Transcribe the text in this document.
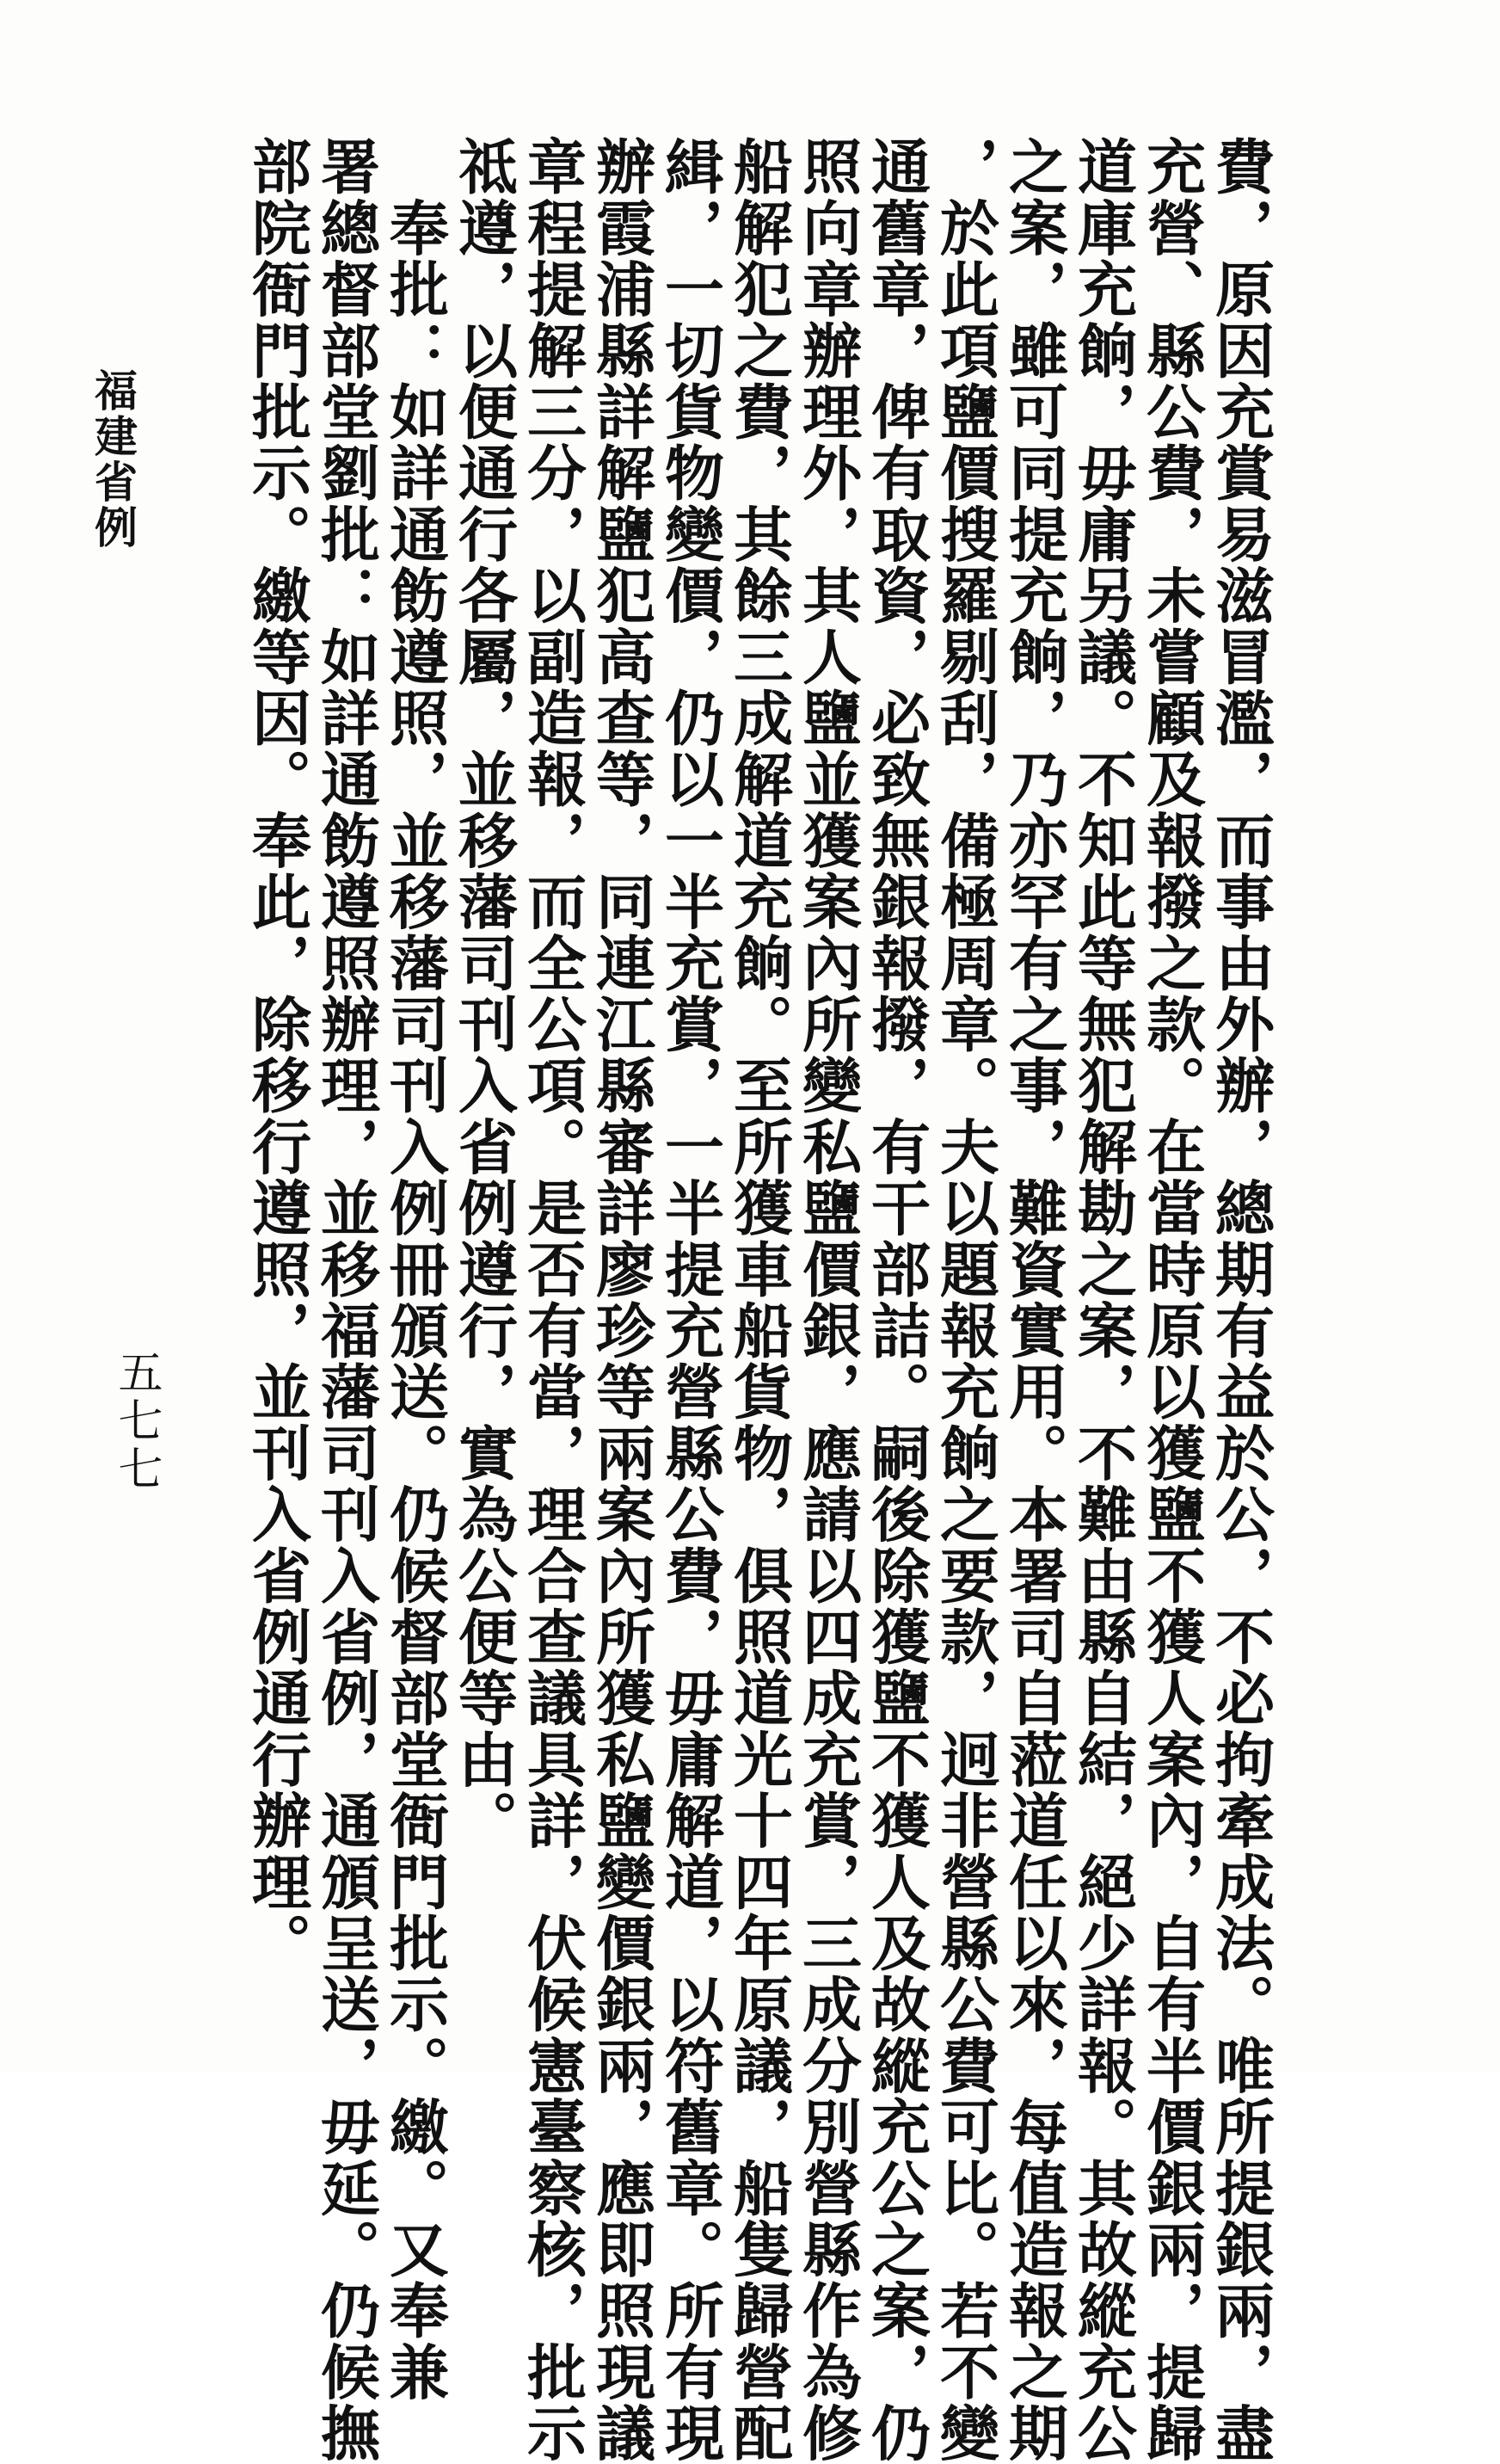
福建省例
五七七	費，原因充賞易滋冒濫，而事由外辦，總期有益於公，不必拘牽成法。唯所提銀兩，盡
充營、縣公費，未嘗顧及報撥之款。在當時原以獲鹽不獲人案內，自有半價銀兩，提歸
道庫充餉，毋庸另議。不知此等無犯解勘之案，不難由縣自結，絕少詳報。其故縱充公
之案，雖可同提充餉，乃亦罕有之事，難資實用。本署司自蒞道任以來，每值造報之期
，於此項鹽價搜羅剔刮，備極周章。夫以題報充餉之要款，迥非營縣公費可比。若不變
通舊章，俾有取資，必致無銀報撥，有干部詰。嗣後除獲鹽不獲人及故縱充公之案，仍
照向章辦理外，其人鹽並獲案內所變私鹽價銀，應請以四成充賞，三成分別營縣作為修
船解犯之費，其餘三成解道充餉。至所獲車船貨物，俱照道光十四年原議，船隻歸營配
緝，一切貨物變價，仍以一半充賞，一半提充營縣公費，毋庸解道，以符舊章。所有現
辦霞浦縣詳解鹽犯高查等，同連江縣審詳廖珍等兩案內所獲私鹽變價銀兩，應即照現議
章程提解三分，以副造報，而全公項。是否有當，理合查議具詳，伏候憲臺察核，批示
祗遵，以便通行各屬，並移藩司刊入省例遵行，實為公便等由。
　奉批：如詳通飭遵照，並移藩司刊入例冊頒送。仍候督部堂衙門批示。繳。又奉兼
署總督部堂劉批：如詳通飭遵照辦理，並移福藩司刊入省例，通頒呈送，毋延。仍候撫
部院衙門批示。繳等因。奉此，除移行遵照，並刊入省例通行辦理。
